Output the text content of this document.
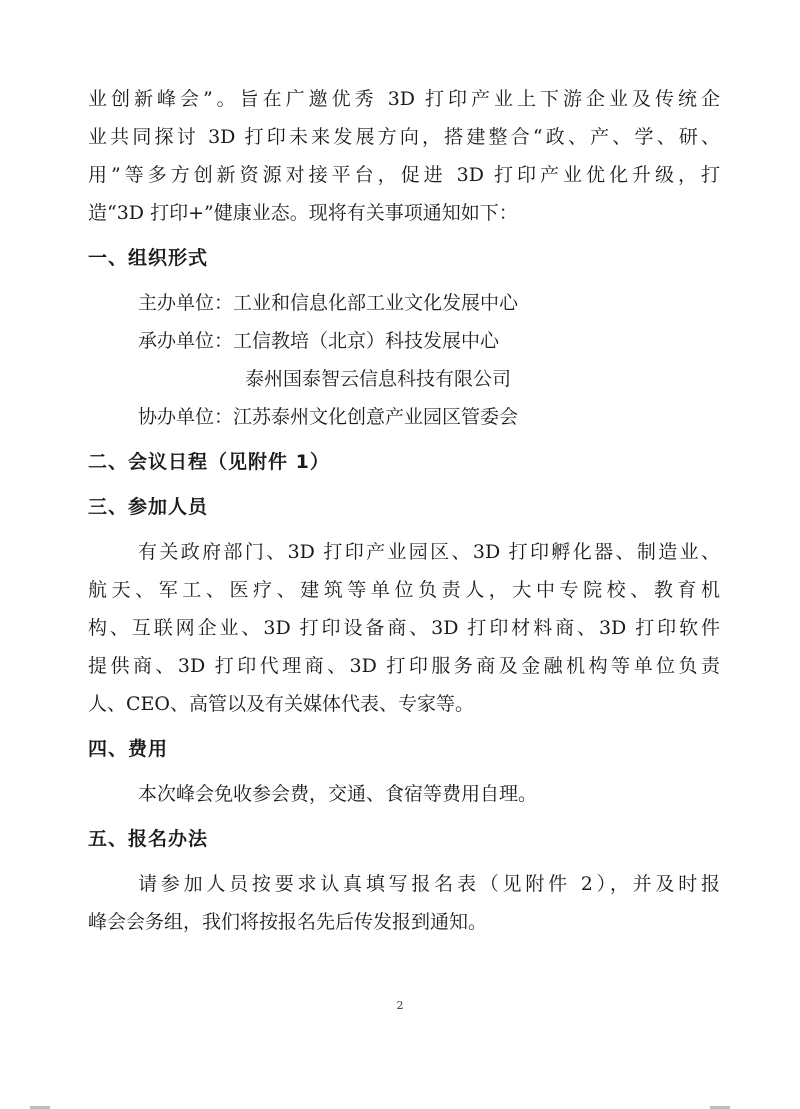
业创新峰会”。旨在广邀优秀 3D 打印产业上下游企业及传统企
业共同探讨 3D 打印未来发展方向，搭建整合“政、产、学、研、
用”等多方创新资源对接平台，促进 3D 打印产业优化升级，打
造“3D 打印+”健康业态。现将有关事项通知如下：
一、组织形式
主办单位：工业和信息化部工业文化发展中心
承办单位：工信教培（北京）科技发展中心
泰州国泰智云信息科技有限公司
协办单位：江苏泰州文化创意产业园区管委会
二、会议日程（见附件 1）
三、参加人员
有关政府部门、3D 打印产业园区、3D 打印孵化器、制造业、
航天、军工、医疗、建筑等单位负责人，大中专院校、教育机
构、互联网企业、3D 打印设备商、3D 打印材料商、3D 打印软件
提供商、3D 打印代理商、3D 打印服务商及金融机构等单位负责
人、CEO、高管以及有关媒体代表、专家等。
四、费用
本次峰会免收参会费，交通、食宿等费用自理。
五、报名办法
请参加人员按要求认真填写报名表（见附件 2），并及时报
峰会会务组，我们将按报名先后传发报到通知。
2
